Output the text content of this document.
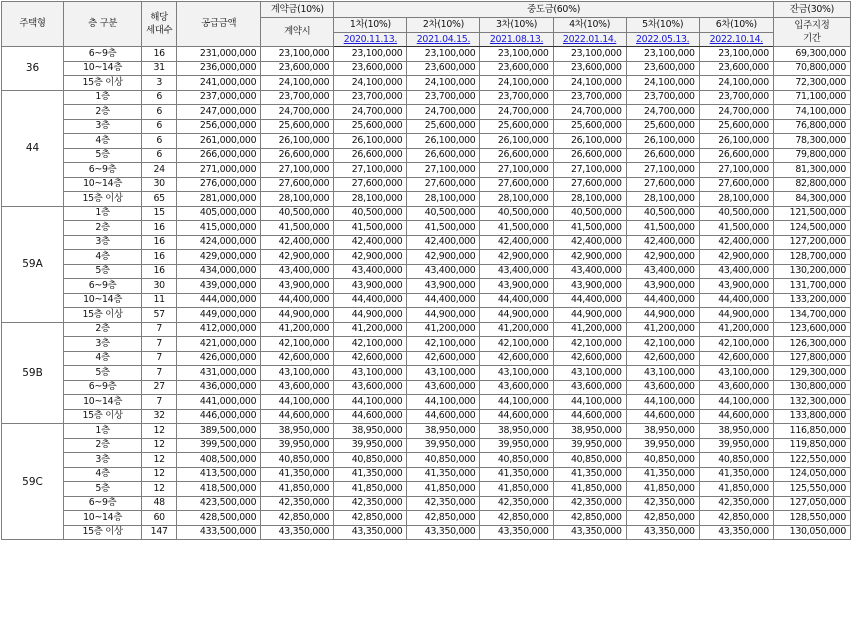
주택형	층 구분	해당
세대수	공급금액	계약금(10%)	중도금(60%)						잔금(30%)
				계약시	1차(10%)	2차(10%)	3차(10%)	4차(10%)	5차(10%)	6차(10%)	입주지정
기간
					2020.11.13.	2021.04.15.	2021.08.13.	2022.01.14.	2022.05.13.	2022.10.14.	
36	6~9층	16	231,000,000	23,100,000	23,100,000	23,100,000	23,100,000	23,100,000	23,100,000	23,100,000	69,300,000
	10~14층	31	236,000,000	23,600,000	23,600,000	23,600,000	23,600,000	23,600,000	23,600,000	23,600,000	70,800,000
	15층 이상	3	241,000,000	24,100,000	24,100,000	24,100,000	24,100,000	24,100,000	24,100,000	24,100,000	72,300,000
44	1층	6	237,000,000	23,700,000	23,700,000	23,700,000	23,700,000	23,700,000	23,700,000	23,700,000	71,100,000
	2층	6	247,000,000	24,700,000	24,700,000	24,700,000	24,700,000	24,700,000	24,700,000	24,700,000	74,100,000
	3층	6	256,000,000	25,600,000	25,600,000	25,600,000	25,600,000	25,600,000	25,600,000	25,600,000	76,800,000
	4층	6	261,000,000	26,100,000	26,100,000	26,100,000	26,100,000	26,100,000	26,100,000	26,100,000	78,300,000
	5층	6	266,000,000	26,600,000	26,600,000	26,600,000	26,600,000	26,600,000	26,600,000	26,600,000	79,800,000
	6~9층	24	271,000,000	27,100,000	27,100,000	27,100,000	27,100,000	27,100,000	27,100,000	27,100,000	81,300,000
	10~14층	30	276,000,000	27,600,000	27,600,000	27,600,000	27,600,000	27,600,000	27,600,000	27,600,000	82,800,000
	15층 이상	65	281,000,000	28,100,000	28,100,000	28,100,000	28,100,000	28,100,000	28,100,000	28,100,000	84,300,000
59A	1층	15	405,000,000	40,500,000	40,500,000	40,500,000	40,500,000	40,500,000	40,500,000	40,500,000	121,500,000
	2층	16	415,000,000	41,500,000	41,500,000	41,500,000	41,500,000	41,500,000	41,500,000	41,500,000	124,500,000
	3층	16	424,000,000	42,400,000	42,400,000	42,400,000	42,400,000	42,400,000	42,400,000	42,400,000	127,200,000
	4층	16	429,000,000	42,900,000	42,900,000	42,900,000	42,900,000	42,900,000	42,900,000	42,900,000	128,700,000
	5층	16	434,000,000	43,400,000	43,400,000	43,400,000	43,400,000	43,400,000	43,400,000	43,400,000	130,200,000
	6~9층	30	439,000,000	43,900,000	43,900,000	43,900,000	43,900,000	43,900,000	43,900,000	43,900,000	131,700,000
	10~14층	11	444,000,000	44,400,000	44,400,000	44,400,000	44,400,000	44,400,000	44,400,000	44,400,000	133,200,000
	15층 이상	57	449,000,000	44,900,000	44,900,000	44,900,000	44,900,000	44,900,000	44,900,000	44,900,000	134,700,000
59B	2층	7	412,000,000	41,200,000	41,200,000	41,200,000	41,200,000	41,200,000	41,200,000	41,200,000	123,600,000
	3층	7	421,000,000	42,100,000	42,100,000	42,100,000	42,100,000	42,100,000	42,100,000	42,100,000	126,300,000
	4층	7	426,000,000	42,600,000	42,600,000	42,600,000	42,600,000	42,600,000	42,600,000	42,600,000	127,800,000
	5층	7	431,000,000	43,100,000	43,100,000	43,100,000	43,100,000	43,100,000	43,100,000	43,100,000	129,300,000
	6~9층	27	436,000,000	43,600,000	43,600,000	43,600,000	43,600,000	43,600,000	43,600,000	43,600,000	130,800,000
	10~14층	7	441,000,000	44,100,000	44,100,000	44,100,000	44,100,000	44,100,000	44,100,000	44,100,000	132,300,000
	15층 이상	32	446,000,000	44,600,000	44,600,000	44,600,000	44,600,000	44,600,000	44,600,000	44,600,000	133,800,000
59C	1층	12	389,500,000	38,950,000	38,950,000	38,950,000	38,950,000	38,950,000	38,950,000	38,950,000	116,850,000
	2층	12	399,500,000	39,950,000	39,950,000	39,950,000	39,950,000	39,950,000	39,950,000	39,950,000	119,850,000
	3층	12	408,500,000	40,850,000	40,850,000	40,850,000	40,850,000	40,850,000	40,850,000	40,850,000	122,550,000
	4층	12	413,500,000	41,350,000	41,350,000	41,350,000	41,350,000	41,350,000	41,350,000	41,350,000	124,050,000
	5층	12	418,500,000	41,850,000	41,850,000	41,850,000	41,850,000	41,850,000	41,850,000	41,850,000	125,550,000
	6~9층	48	423,500,000	42,350,000	42,350,000	42,350,000	42,350,000	42,350,000	42,350,000	42,350,000	127,050,000
	10~14층	60	428,500,000	42,850,000	42,850,000	42,850,000	42,850,000	42,850,000	42,850,000	42,850,000	128,550,000
	15층 이상	147	433,500,000	43,350,000	43,350,000	43,350,000	43,350,000	43,350,000	43,350,000	43,350,000	130,050,000
